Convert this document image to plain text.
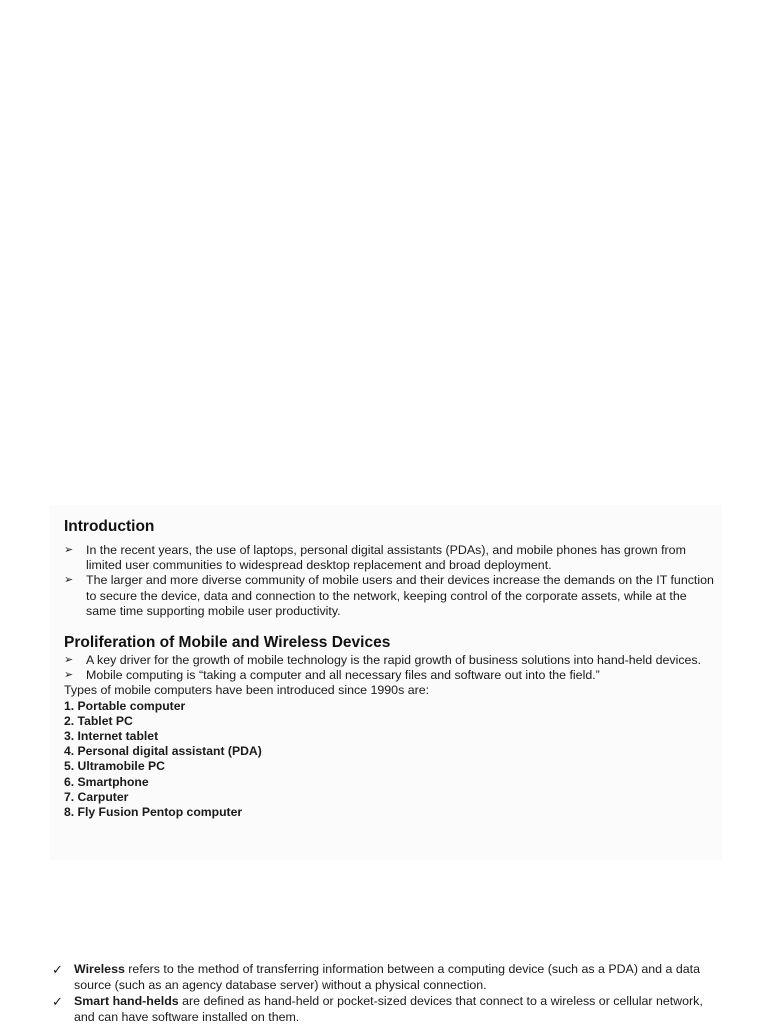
Introduction
➢ In the recent years, the use of laptops, personal digital assistants (PDAs), and mobile phones has grown from limited user communities to widespread desktop replacement and broad deployment.
➢ The larger and more diverse community of mobile users and their devices increase the demands on the IT function to secure the device, data and connection to the network, keeping control of the corporate assets, while at the same time supporting mobile user productivity.
Proliferation of Mobile and Wireless Devices
➢ A key driver for the growth of mobile technology is the rapid growth of business solutions into hand-held devices.
➢ Mobile computing is “taking a computer and all necessary files and software out into the field.”

Types of mobile computers have been introduced since 1990s are:

1. Portable computer
2. Tablet PC
3. Internet tablet
4. Personal digital assistant (PDA)
5. Ultramobile PC
6. Smartphone
7. Carputer
8. Fly Fusion Pentop computer
✓ Wireless refers to the method of transferring information between a computing device (such as a PDA) and a data source (such as an agency database server) without a physical connection.
✓ Smart hand-helds are defined as hand-held or pocket-sized devices that connect to a wireless or cellular network, and can have software installed on them.
